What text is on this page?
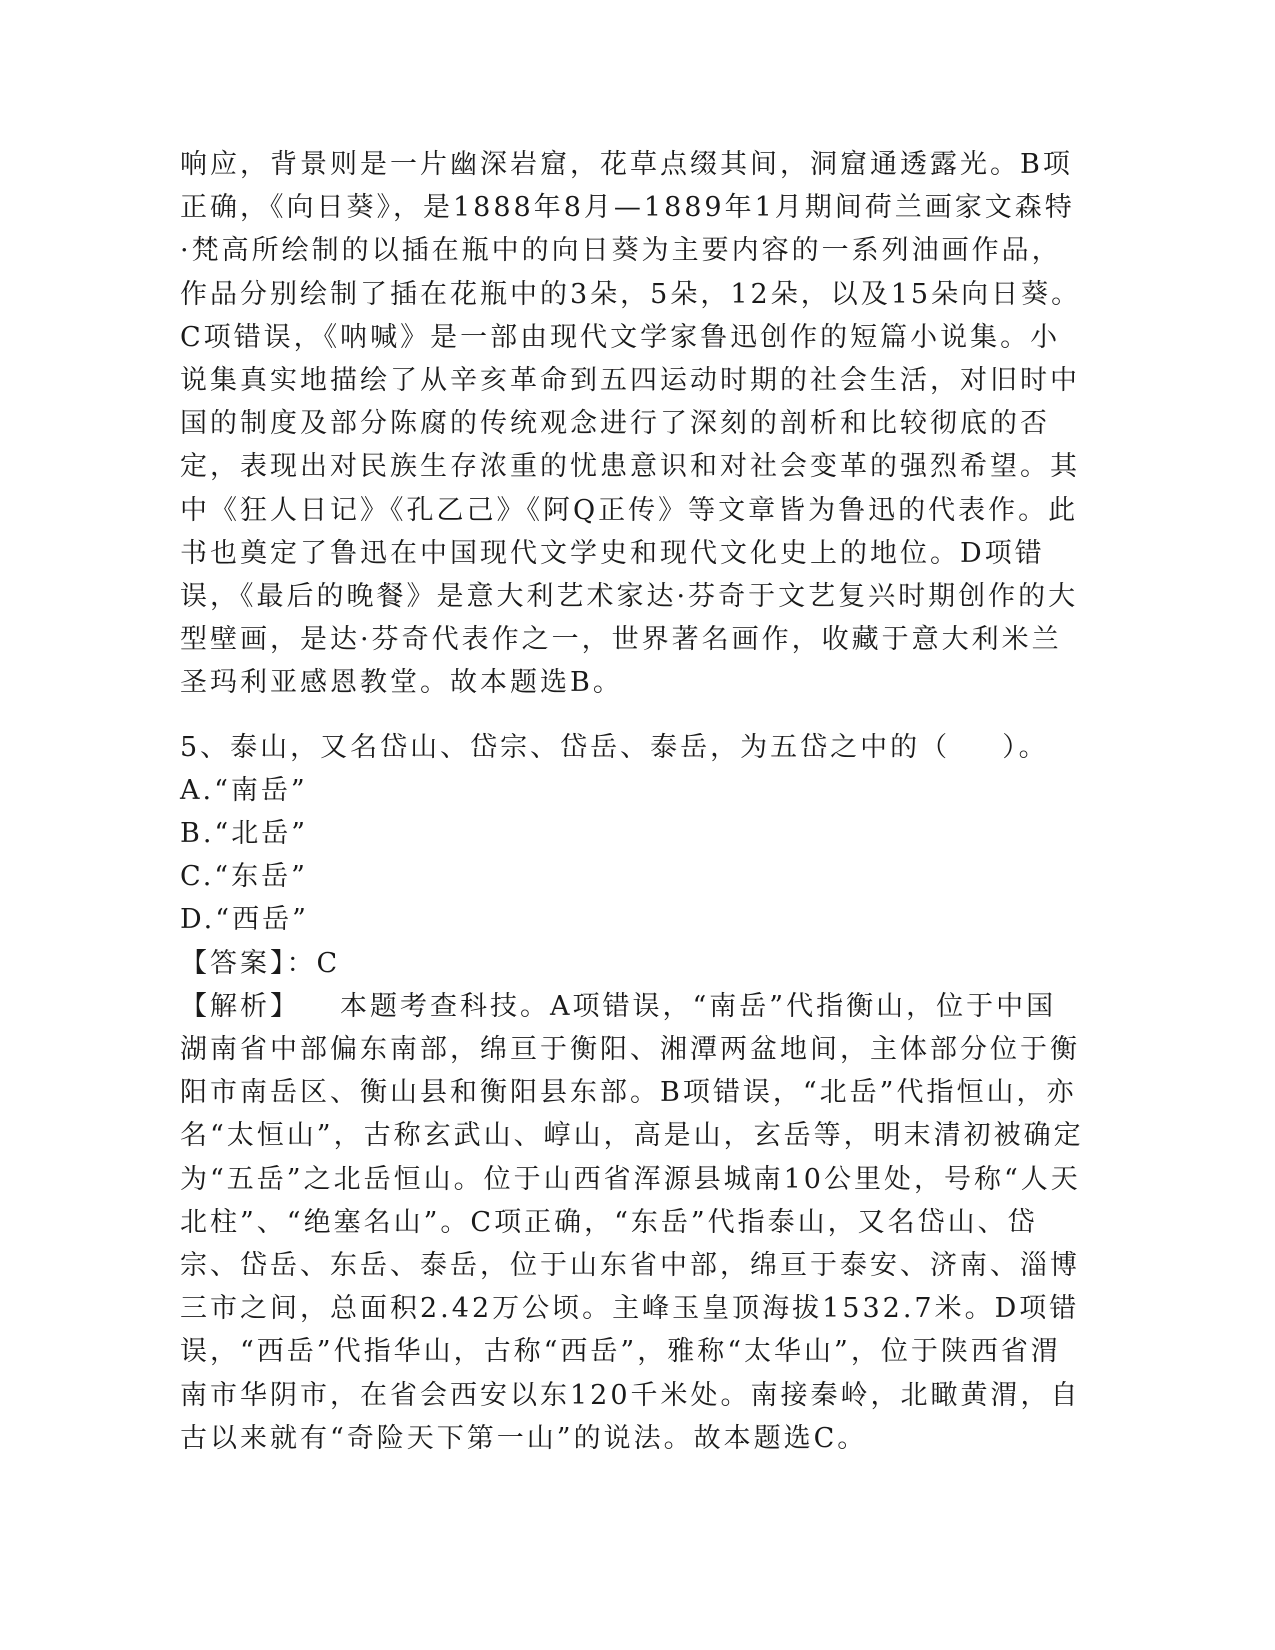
响应，背景则是一片幽深岩窟，花草点缀其间，洞窟通透露光。B项正确，《向日葵》，是1888年8月—1889年1月期间荷兰画家文森特·梵高所绘制的以插在瓶中的向日葵为主要内容的一系列油画作品，作品分别绘制了插在花瓶中的3朵，5朵，12朵，以及15朵向日葵。C项错误，《呐喊》是一部由现代文学家鲁迅创作的短篇小说集。小说集真实地描绘了从辛亥革命到五四运动时期的社会生活，对旧时中国的制度及部分陈腐的传统观念进行了深刻的剖析和比较彻底的否定，表现出对民族生存浓重的忧患意识和对社会变革的强烈希望。其中《狂人日记》《孔乙己》《阿Q正传》等文章皆为鲁迅的代表作。此书也奠定了鲁迅在中国现代文学史和现代文化史上的地位。D项错误，《最后的晚餐》是意大利艺术家达·芬奇于文艺复兴时期创作的大型壁画，是达·芬奇代表作之一，世界著名画作，收藏于意大利米兰圣玛利亚感恩教堂。故本题选B。

5、泰山，又名岱山、岱宗、岱岳、泰岳，为五岱之中的（ ）。

A.“南岳”

B.“北岳”

C.“东岳”

D.“西岳”

【答案】：C

【解析】 本题考查科技。A项错误，“南岳”代指衡山，位于中国湖南省中部偏东南部，绵亘于衡阳、湘潭两盆地间，主体部分位于衡阳市南岳区、衡山县和衡阳县东部。B项错误，“北岳”代指恒山，亦名“太恒山”，古称玄武山、崞山，高是山，玄岳等，明末清初被确定为“五岳”之北岳恒山。位于山西省浑源县城南10公里处，号称“人天北柱”、“绝塞名山”。C项正确，“东岳”代指泰山，又名岱山、岱宗、岱岳、东岳、泰岳，位于山东省中部，绵亘于泰安、济南、淄博三市之间，总面积2.42万公顷。主峰玉皇顶海拔1532.7米。D项错误，“西岳”代指华山，古称“西岳”，雅称“太华山”，位于陕西省渭南市华阴市，在省会西安以东120千米处。南接秦岭，北瞰黄渭，自古以来就有“奇险天下第一山”的说法。故本题选C。
